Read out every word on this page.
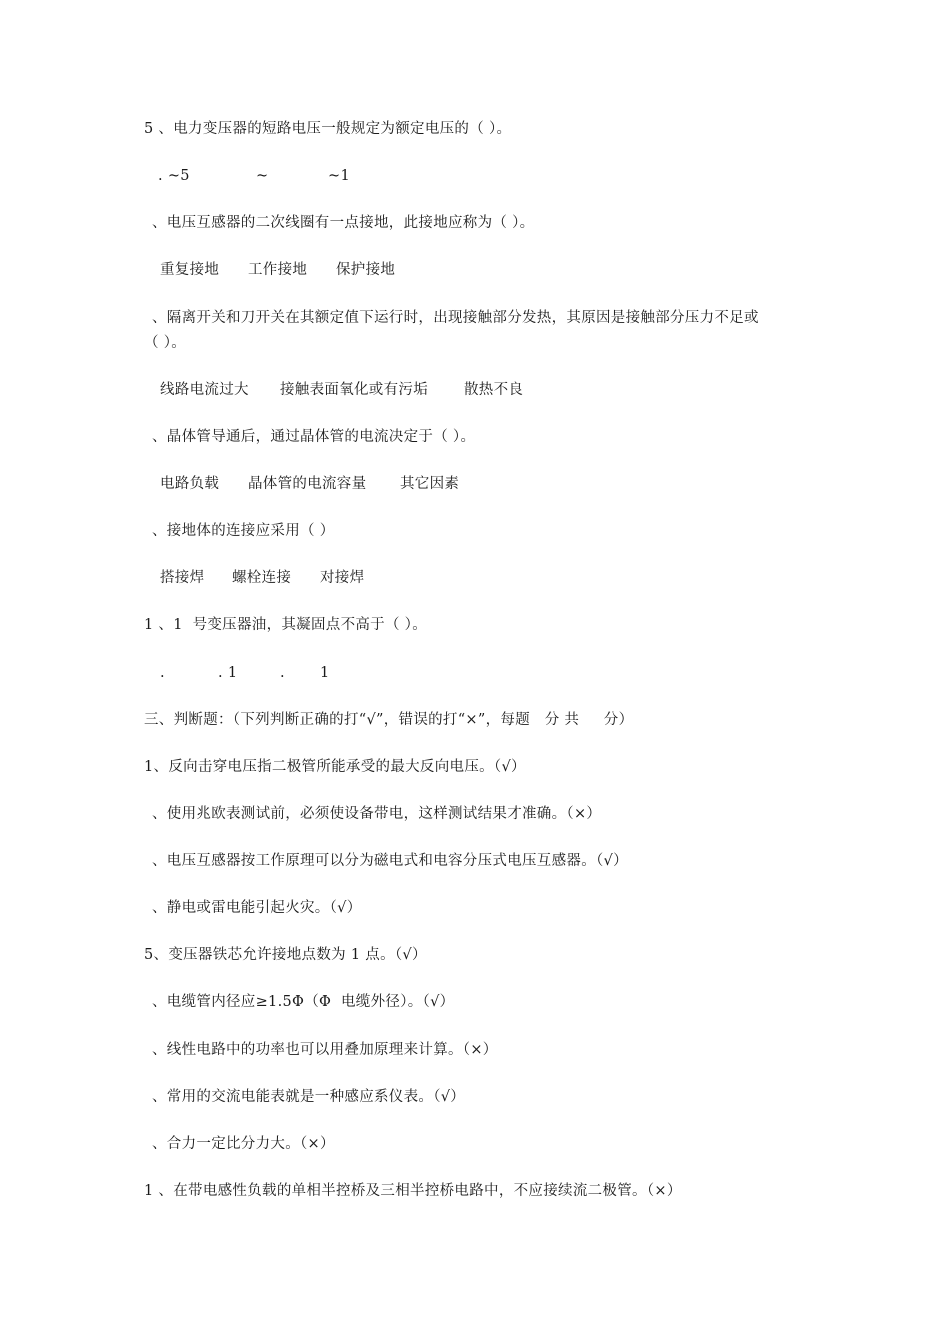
5 、电力变压器的短路电压一般规定为额定电压的（ ）。
. ~5	~	~1
、电压互感器的二次线圈有一点接地，此接地应称为（ ）。
重复接地 工作接地 保护接地
、隔离开关和刀开关在其额定值下运行时，出现接触部分发热，其原因是接触部分压力不足或
（ ）。
线路电流过大 接触表面氧化或有污垢 散热不良
、晶体管导通后，通过晶体管的电流决定于（ ）。
电路负载 晶体管的电流容量 其它因素
、接地体的连接应采用（ ）
搭接焊 螺栓连接 对接焊
1 、1  号变压器油，其凝固点不高于（ ）。
.	. 1	. 1
三、判断题：（下列判断正确的打“√”，错误的打“×”，每题   分 共     分）
1、反向击穿电压指二极管所能承受的最大反向电压。（√）
、使用兆欧表测试前，必须使设备带电，这样测试结果才准确。（×）
、电压互感器按工作原理可以分为磁电式和电容分压式电压互感器。（√）
、静电或雷电能引起火灾。（√）
5、变压器铁芯允许接地点数为 1 点。（√）
、电缆管内径应≥1.5Φ（Φ  电缆外径）。（√）
、线性电路中的功率也可以用叠加原理来计算。（×）
、常用的交流电能表就是一种感应系仪表。（√）
、合力一定比分力大。（×）
1 、在带电感性负载的单相半控桥及三相半控桥电路中，不应接续流二极管。（×）
